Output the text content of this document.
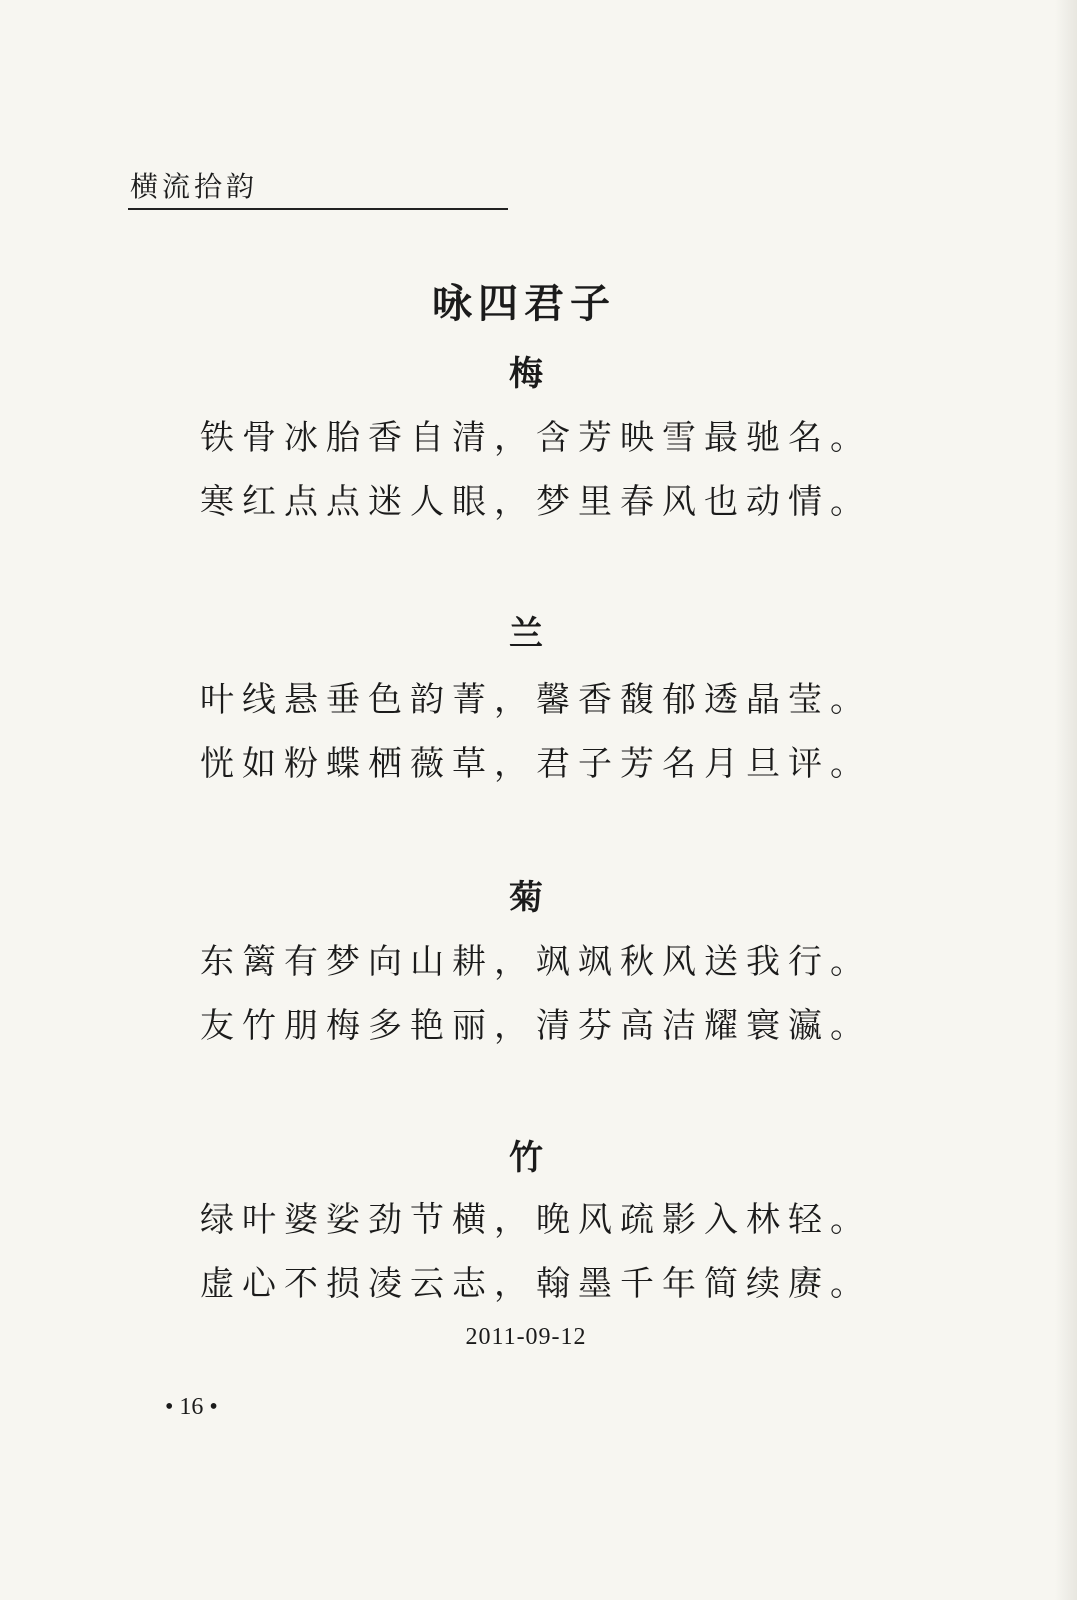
横流拾韵
咏四君子
梅
铁骨冰胎香自清，含芳映雪最驰名。
寒红点点迷人眼，梦里春风也动情。
兰
叶线悬垂色韵菁，馨香馥郁透晶莹。
恍如粉蝶栖薇草，君子芳名月旦评。
菊
东篱有梦向山耕，飒飒秋风送我行。
友竹朋梅多艳丽，清芬高洁耀寰瀛。
竹
绿叶婆娑劲节横，晚风疏影入林轻。
虚心不损凌云志，翰墨千年简续赓。
2011-09-12
• 16 •
